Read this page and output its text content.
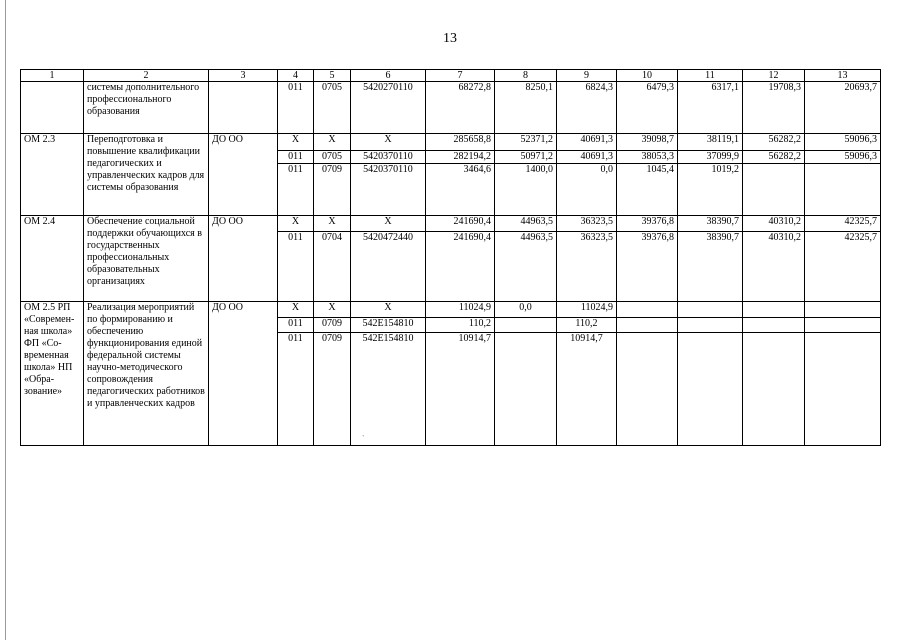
13
1	2	3	4	5	6	7	8	9	10	11	12	13
	системы дополнительного профессионального образования		011	0705	5420270110	68272,8	8250,1	6824,3	6479,3	6317,1	19708,3	20693,7
ОМ 2.3	Переподготовка и повышение квалификации педагогических и управленческих кадров для системы образования	ДО ОО	Х	Х	Х	285658,8	52371,2	40691,3	39098,7	38119,1	56282,2	59096,3
			011	0705	5420370110	282194,2	50971,2	40691,3	38053,3	37099,9	56282,2	59096,3
			011	0709	5420370110	3464,6	1400,0	0,0	1045,4	1019,2		
ОМ 2.4	Обеспечение социальной поддержки обучающихся в государственных профессиональных образовательных организациях	ДО ОО	Х	Х	Х	241690,4	44963,5	36323,5	39376,8	38390,7	40310,2	42325,7
			011	0704	5420472440	241690,4	44963,5	36323,5	39376,8	38390,7	40310,2	42325,7
ОМ 2.5 РП «Современ-ная школа» ФП «Со-временная школа» НП «Обра-зование»	Реализация мероприятий по формированию и обеспечению функционирования единой федеральной системы научно-методического сопровождения педагогических работников и управленческих кадров	ДО ОО	Х	Х	Х	11024,9	0,0	11024,9				
			011	0709	542Е154810	110,2		110,2				
			011	0709	542Е154810	10914,7		10914,7				
`
